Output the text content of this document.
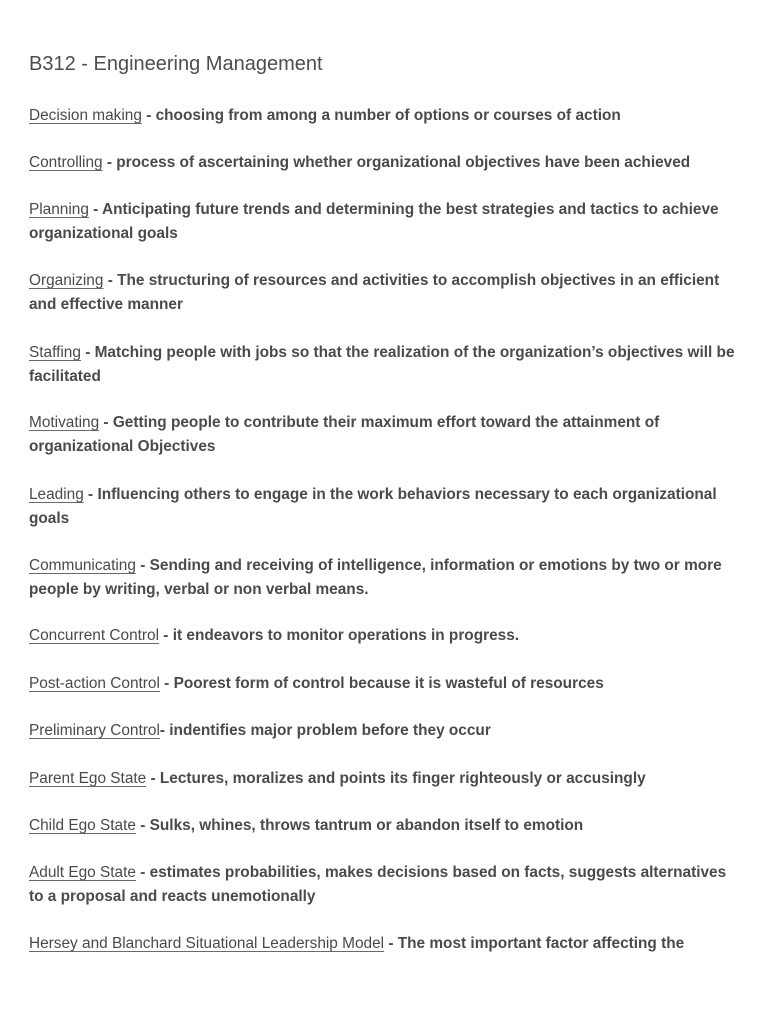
B312 - Engineering Management

Decision making - choosing from among a number of options or courses of action

Controlling - process of ascertaining whether organizational objectives have been achieved

Planning - Anticipating future trends and determining the best strategies and tactics to achieve organizational goals

Organizing - The structuring of resources and activities to accomplish objectives in an efficient and effective manner

Staffing - Matching people with jobs so that the realization of the organization’s objectives will be facilitated

Motivating - Getting people to contribute their maximum effort toward the attainment of organizational Objectives

Leading - Influencing others to engage in the work behaviors necessary to each organizational goals

Communicating - Sending and receiving of intelligence, information or emotions by two or more people by writing, verbal or non verbal means.

Concurrent Control - it endeavors to monitor operations in progress.

Post-action Control - Poorest form of control because it is wasteful of resources

Preliminary Control- indentifies major problem before they occur

Parent Ego State - Lectures, moralizes and points its finger righteously or accusingly

Child Ego State - Sulks, whines, throws tantrum or abandon itself to emotion

Adult Ego State - estimates probabilities, makes decisions based on facts, suggests alternatives to a proposal and reacts unemotionally

Hersey and Blanchard Situational Leadership Model - The most important factor affecting the
